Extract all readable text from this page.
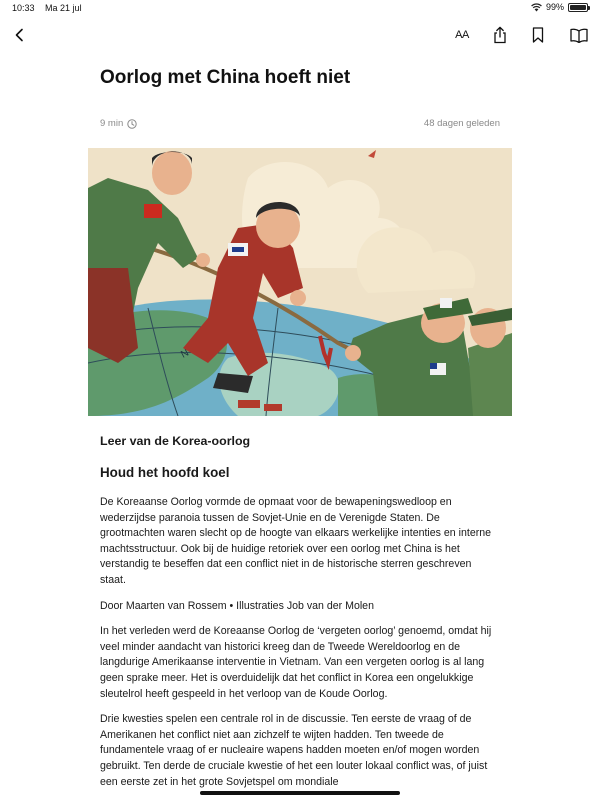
10:33 Ma 21 jul	99%
AA
Oorlog met China hoeft niet
9 min	48 dagen geleden
Leer van de Korea-oorlog
Houd het hoofd koel

De Koreaanse Oorlog vormde de opmaat voor de bewapeningswedloop en wederzijdse paranoia tussen de Sovjet-Unie en de Verenigde Staten. De grootmachten waren slecht op de hoogte van elkaars werkelijke intenties en interne machtsstructuur. Ook bij de huidige retoriek over een oorlog met China is het verstandig te beseffen dat een conflict niet in de historische sterren geschreven staat.

Door Maarten van Rossem • Illustraties Job van der Molen

In het verleden werd de Koreaanse Oorlog de ‘vergeten oorlog’ genoemd, omdat hij veel minder aandacht van historici kreeg dan de Tweede Wereldoorlog en de langdurige Amerikaanse interventie in Vietnam. Van een vergeten oorlog is al lang geen sprake meer. Het is overduidelijk dat het conflict in Korea een ongelukkige sleutelrol heeft gespeeld in het verloop van de Koude Oorlog.

Drie kwesties spelen een centrale rol in de discussie. Ten eerste de vraag of de Amerikanen het conflict niet aan zichzelf te wijten hadden. Ten tweede de fundamentele vraag of er nucleaire wapens hadden moeten en/of mogen worden gebruikt. Ten derde de cruciale kwestie of het een louter lokaal conflict was, of juist een eerste zet in het grote Sovjetspel om mondiale
